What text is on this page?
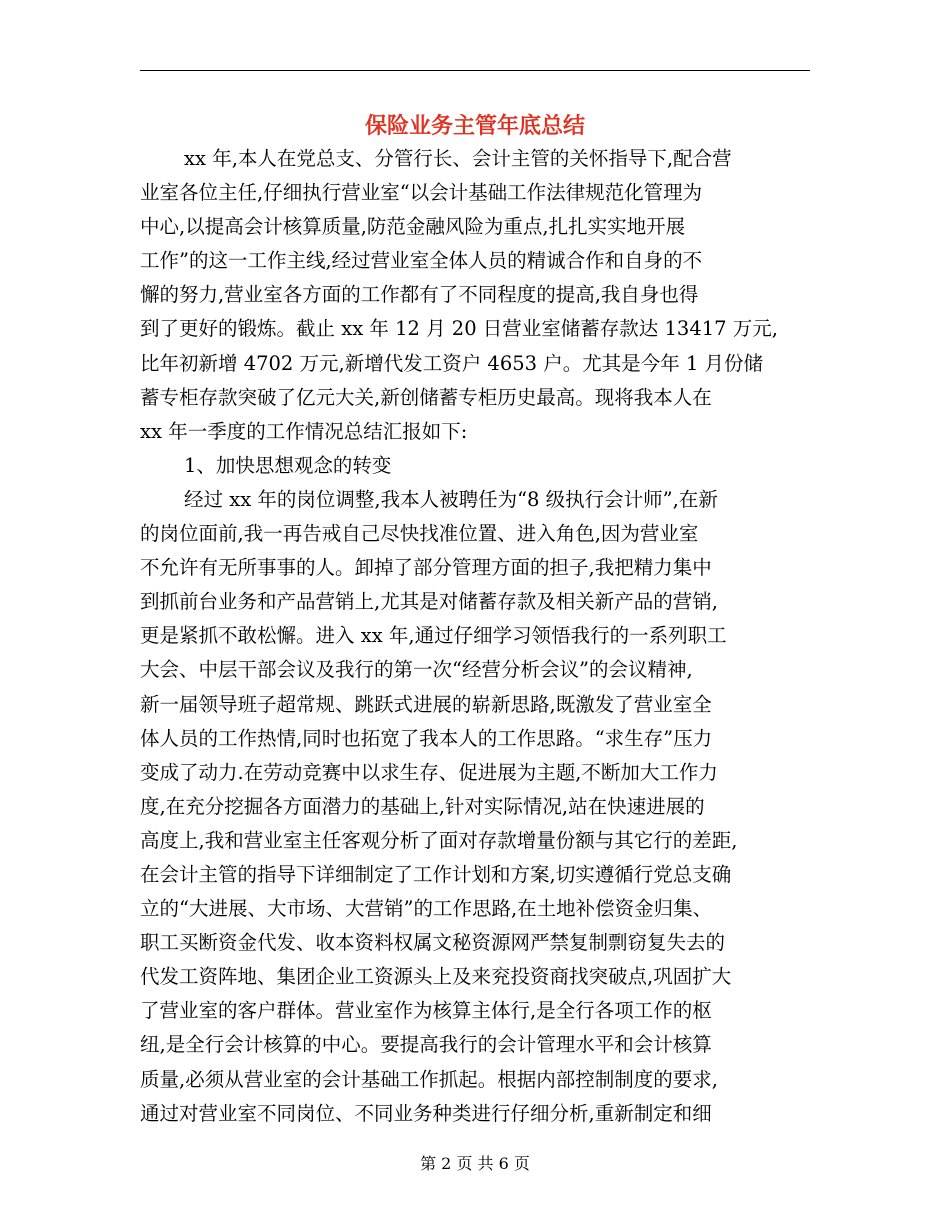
保险业务主管年底总结
xx 年,本人在党总支、分管行长、会计主管的关怀指导下,配合营
业室各位主任,仔细执行营业室“以会计基础工作法律规范化管理为
中心,以提高会计核算质量,防范金融风险为重点,扎扎实实地开展
工作”的这一工作主线,经过营业室全体人员的精诚合作和自身的不
懈的努力,营业室各方面的工作都有了不同程度的提高,我自身也得
到了更好的锻炼。截止 xx 年 12 月 20 日营业室储蓄存款达 13417 万元,
比年初新增 4702 万元,新增代发工资户 4653 户。尤其是今年 1 月份储
蓄专柜存款突破了亿元大关,新创储蓄专柜历史最高。现将我本人在
xx 年一季度的工作情况总结汇报如下:
1、加快思想观念的转变
经过 xx 年的岗位调整,我本人被聘任为“8 级执行会计师”,在新
的岗位面前,我一再告戒自己尽快找准位置、进入角色,因为营业室
不允许有无所事事的人。卸掉了部分管理方面的担子,我把精力集中
到抓前台业务和产品营销上,尤其是对储蓄存款及相关新产品的营销,
更是紧抓不敢松懈。进入 xx 年,通过仔细学习领悟我行的一系列职工
大会、中层干部会议及我行的第一次“经营分析会议”的会议精神,
新一届领导班子超常规、跳跃式进展的崭新思路,既激发了营业室全
体人员的工作热情,同时也拓宽了我本人的工作思路。“求生存”压力
变成了动力.在劳动竞赛中以求生存、促进展为主题,不断加大工作力
度,在充分挖掘各方面潜力的基础上,针对实际情况,站在快速进展的
高度上,我和营业室主任客观分析了面对存款增量份额与其它行的差距,
在会计主管的指导下详细制定了工作计划和方案,切实遵循行党总支确
立的“大进展、大市场、大营销”的工作思路,在土地补偿资金归集、
职工买断资金代发、收本资料权属文秘资源网严禁复制剽窃复失去的
代发工资阵地、集团企业工资源头上及来兖投资商找突破点,巩固扩大
了营业室的客户群体。营业室作为核算主体行,是全行各项工作的枢
纽,是全行会计核算的中心。要提高我行的会计管理水平和会计核算
质量,必须从营业室的会计基础工作抓起。根据内部控制制度的要求,
通过对营业室不同岗位、不同业务种类进行仔细分析,重新制定和细
第 2 页 共 6 页
